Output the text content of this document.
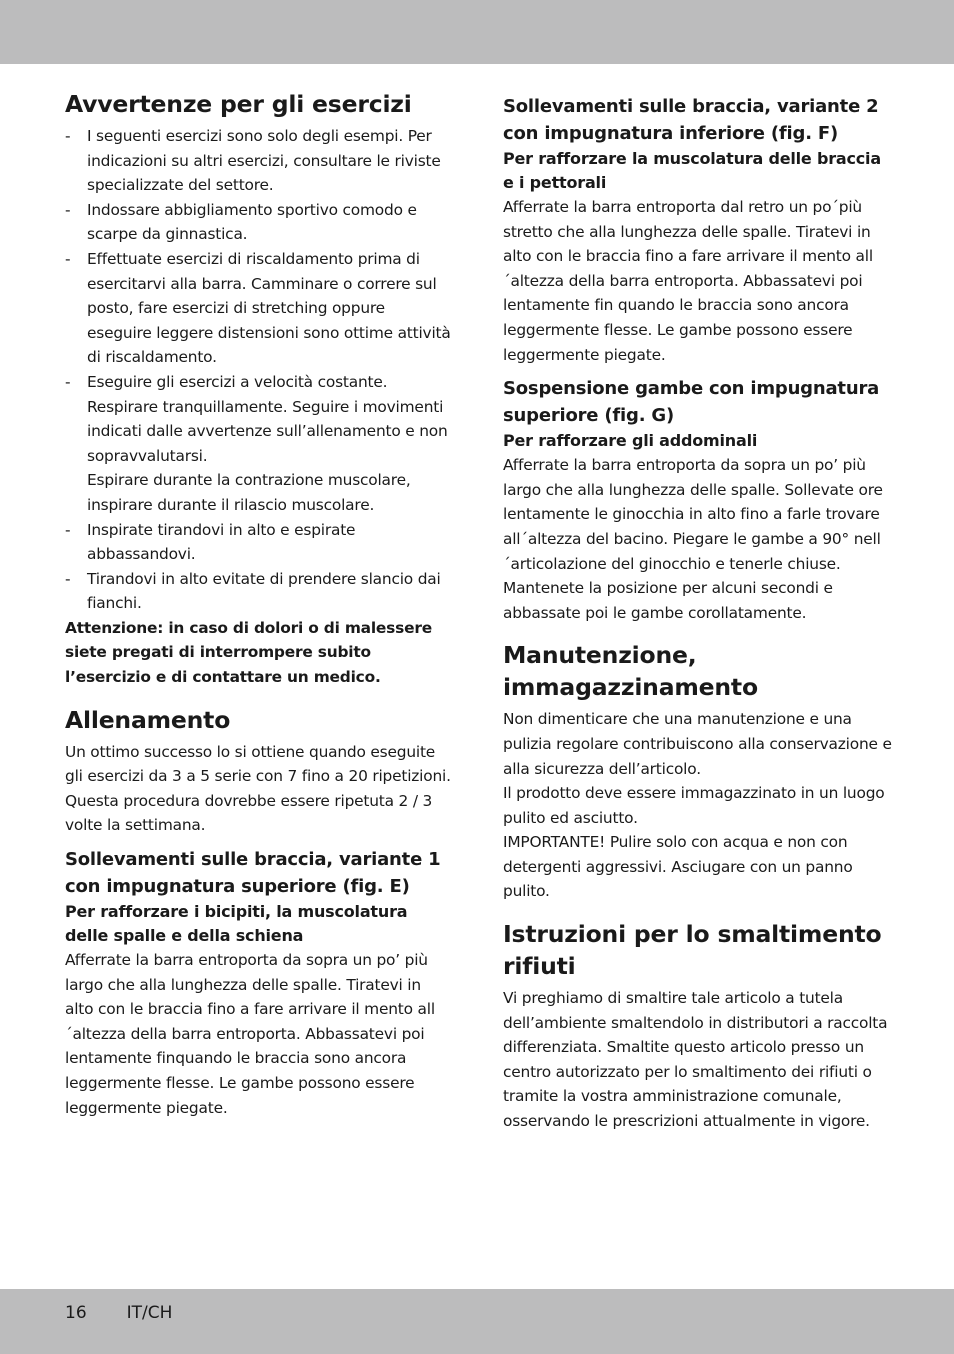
Avvertenze per gli esercizi
- I seguenti esercizi sono solo degli esempi. Per indicazioni su altri esercizi, consultare le riviste specializzate del settore.
- Indossare abbigliamento sportivo comodo e scarpe da ginnastica.
- Effettuate esercizi di riscaldamento prima di esercitarvi alla barra. Camminare o correre sul posto, fare esercizi di stretching oppure eseguire leggere distensioni sono ottime attività di riscaldamento.
- Eseguire gli esercizi a velocità costante. Respirare tranquillamente. Seguire i movimenti indicati dalle avvertenze sull’allenamento e non sopravvalutarsi.
Espirare durante la contrazione muscolare, inspirare durante il rilascio muscolare.
- Inspirate tirandovi in alto e espirate abbassandovi.
- Tirandovi in alto evitate di prendere slancio dai fianchi.

Attenzione: in caso di dolori o di malessere siete pregati di interrompere subito l’esercizio e di contattare un medico.

Allenamento

Un ottimo successo lo si ottiene quando eseguite gli esercizi da 3 a 5 serie con 7 fino a 20 ripetizioni. Questa procedura dovrebbe essere ripetuta 2 / 3 volte la settimana.

Sollevamenti sulle braccia, variante 1 con impugnatura superiore (fig. E)

Per rafforzare i bicipiti, la muscolatura delle spalle e della schiena

Afferrate la barra entroporta da sopra un po’ più largo che alla lunghezza delle spalle. Tiratevi in alto con le braccia fino a fare arrivare il mento all´altezza della barra entroporta. Abbassatevi poi lentamente finquando le braccia sono ancora leggermente flesse. Le gambe possono essere leggermente piegate.

Sollevamenti sulle braccia, variante 2 con impugnatura inferiore (fig. F)

Per rafforzare la muscolatura delle braccia e i pettorali

Afferrate la barra entroporta dal retro un po´più stretto che alla lunghezza delle spalle. Tiratevi in alto con le braccia fino a fare arrivare il mento all´altezza della barra entroporta. Abbassatevi poi lentamente fin quando le braccia sono ancora leggermente flesse. Le gambe possono essere leggermente piegate.

Sospensione gambe con impugnatura superiore (fig. G)

Per rafforzare gli addominali

Afferrate la barra entroporta da sopra un po’ più largo che alla lunghezza delle spalle. Sollevate ore lentamente le ginocchia in alto fino a farle trovare all´altezza del bacino. Piegare le gambe a 90° nell´articolazione del ginocchio e tenerle chiuse. Mantenete la posizione per alcuni secondi e abbassate poi le gambe corollatamente.

Manutenzione, immagazzinamento

Non dimenticare che una manutenzione e una pulizia regolare contribuiscono alla conservazione e alla sicurezza dell’articolo.

Il prodotto deve essere immagazzinato in un luogo pulito ed asciutto.

IMPORTANTE! Pulire solo con acqua e non con detergenti aggressivi. Asciugare con un panno pulito.

Istruzioni per lo smaltimento rifiuti

Vi preghiamo di smaltire tale articolo a tutela dell’ambiente smaltendolo in distributori a raccolta differenziata. Smaltite questo articolo presso un centro autorizzato per lo smaltimento dei rifiuti o tramite la vostra amministrazione comunale, osservando le prescrizioni attualmente in vigore.

16 IT/CH
